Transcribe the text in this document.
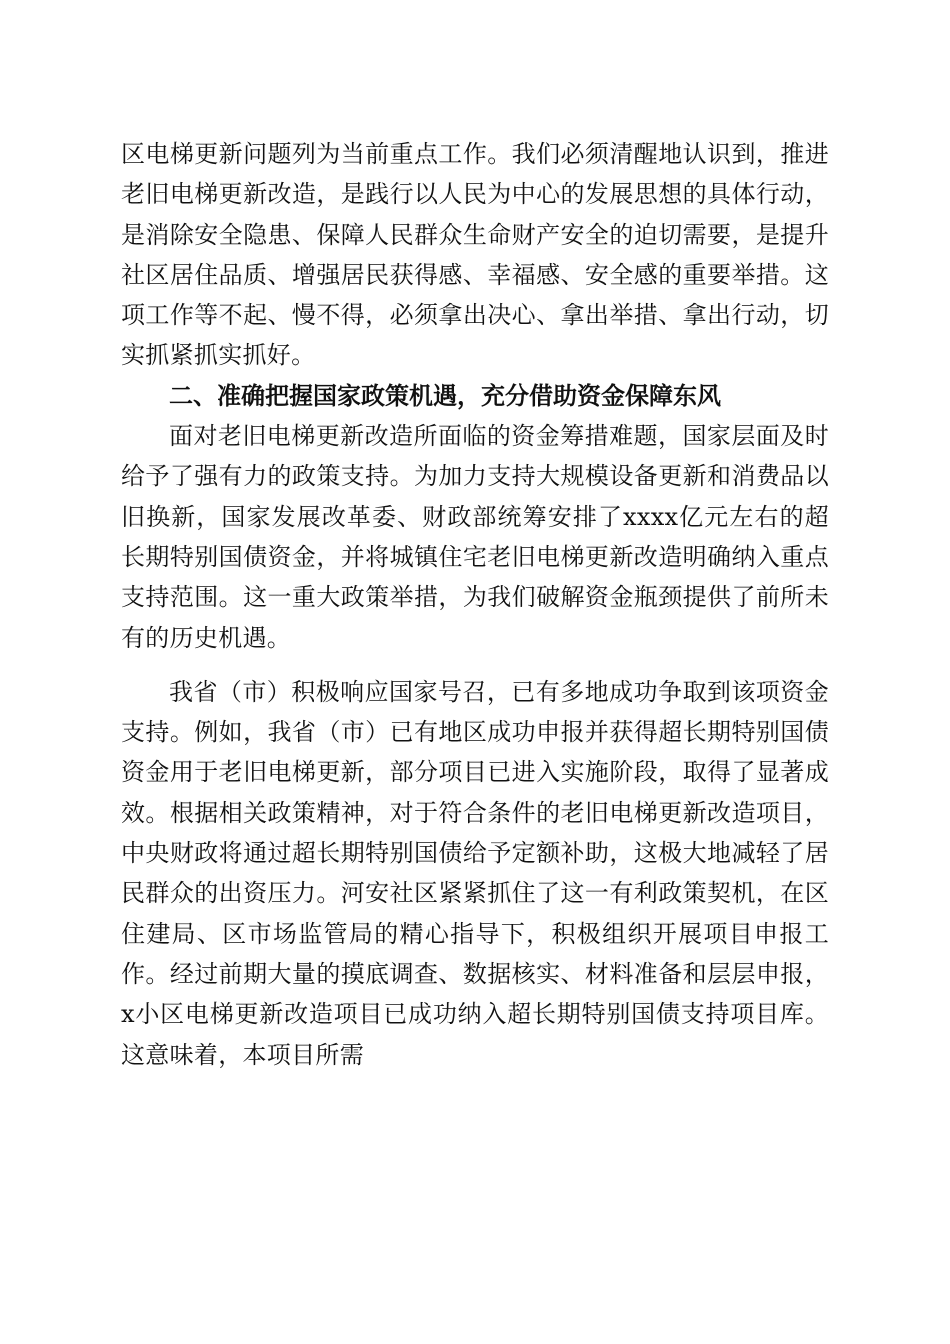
区电梯更新问题列为当前重点工作。我们必须清醒地认识到，推进老旧电梯更新改造，是践行以人民为中心的发展思想的具体行动，是消除安全隐患、保障人民群众生命财产安全的迫切需要，是提升社区居住品质、增强居民获得感、幸福感、安全感的重要举措。这项工作等不起、慢不得，必须拿出决心、拿出举措、拿出行动，切实抓紧抓实抓好。

二、准确把握国家政策机遇，充分借助资金保障东风

面对老旧电梯更新改造所面临的资金筹措难题，国家层面及时给予了强有力的政策支持。为加力支持大规模设备更新和消费品以旧换新，国家发展改革委、财政部统筹安排了xxxx亿元左右的超长期特别国债资金，并将城镇住宅老旧电梯更新改造明确纳入重点支持范围。这一重大政策举措，为我们破解资金瓶颈提供了前所未有的历史机遇。

我省（市）积极响应国家号召，已有多地成功争取到该项资金支持。例如，我省（市）已有地区成功申报并获得超长期特别国债资金用于老旧电梯更新，部分项目已进入实施阶段，取得了显著成效。根据相关政策精神，对于符合条件的老旧电梯更新改造项目，中央财政将通过超长期特别国债给予定额补助，这极大地减轻了居民群众的出资压力。河安社区紧紧抓住了这一有利政策契机，在区住建局、区市场监管局的精心指导下，积极组织开展项目申报工作。经过前期大量的摸底调查、数据核实、材料准备和层层申报，x小区电梯更新改造项目已成功纳入超长期特别国债支持项目库。这意味着，本项目所需
